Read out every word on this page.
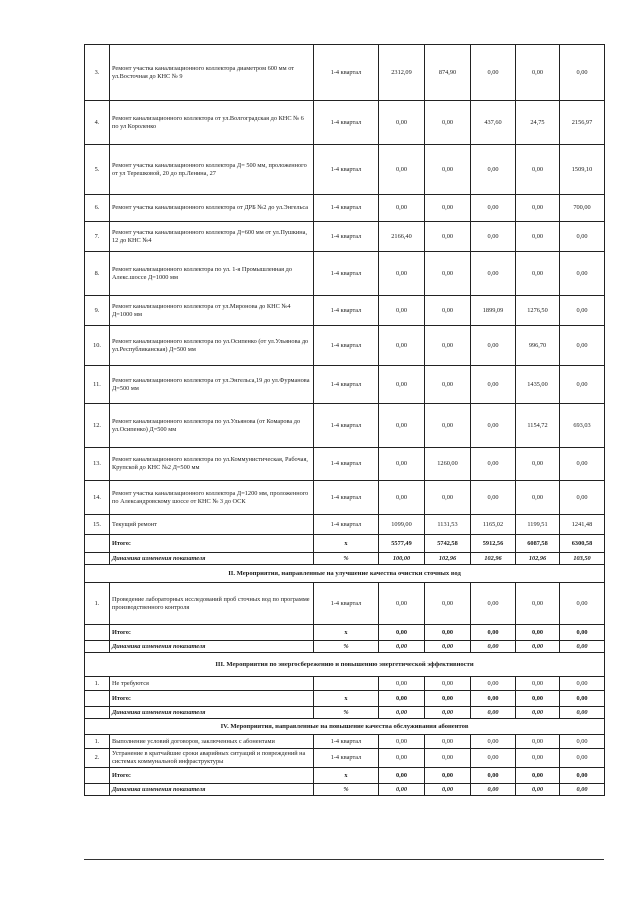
3.	Ремонт участка канализационного коллектора диаметром 600 мм от ул.Восточная до КНС № 9	1-4 квартал	2312,09	874,90	0,00	0,00	0,00
4.	Ремонт канализационного коллектора от ул.Волгоградская до КНС № 6 по ул Короленко	1-4 квартал	0,00	0,00	437,60	24,75	2156,97
5.	Ремонт участка канализационного коллектора Д= 500 мм, проложенного от ул Терешковой, 20 до пр.Ленина, 27	1-4 квартал	0,00	0,00	0,00	0,00	1509,10
6.	Ремонт участка канализационного коллектора от ДРБ №2 до ул.Энгельса	1-4 квартал	0,00	0,00	0,00	0,00	700,00
7.	Ремонт участка канализационного коллектора Д=600 мм от ул.Пушкина, 12 до КНС №4	1-4 квартал	2166,40	0,00	0,00	0,00	0,00
8.	Ремонт канализационного коллектора по ул. 1-я Промышленная до Алекс.шоссе Д=1000 мм	1-4 квартал	0,00	0,00	0,00	0,00	0,00
9.	Ремонт канализационного коллектора от ул.Миронова до КНС №4 Д=1000 мм	1-4 квартал	0,00	0,00	1899,09	1276,50	0,00
10.	Ремонт канализационного коллектора по ул.Осипенко (от ул.Ульянова до ул.Республиканская) Д=500 мм	1-4 квартал	0,00	0,00	0,00	996,70	0,00
11.	Ремонт канализационного коллектора от ул.Энгельса,19 до ул.Фурманова Д=500 мм	1-4 квартал	0,00	0,00	0,00	1435,00	0,00
12.	Ремонт канализационного коллектора по ул.Ульянова (от Комарова до ул.Осипенко) Д=500 мм	1-4 квартал	0,00	0,00	0,00	1154,72	693,03
13.	Ремонт канализационного коллектора по ул.Коммунистическая, Рабочая, Крупской до КНС №2 Д=500 мм	1-4 квартал	0,00	1260,00	0,00	0,00	0,00
14.	Ремонт участка канализационного коллектора Д=1200 мм, проложенного по Александровскому шоссе от КНС № 3 до ОСК	1-4 квартал	0,00	0,00	0,00	0,00	0,00
15.	Текущий ремонт	1-4 квартал	1099,00	1131,53	1165,02	1199,51	1241,48
	Итого:	x	5577,49	5742,58	5912,56	6087,58	6300,58
	Динамика изменения показателя	%	100,00	102,96	102,96	102,96	103,50
II. Мероприятия, направленные на улучшение качества очистки сточных вод							
1.	Проведение лабораторных исследований проб сточных вод по программе производственного контроля	1-4 квартал	0,00	0,00	0,00	0,00	0,00
	Итого:	x	0,00	0,00	0,00	0,00	0,00
	Динамика изменения показателя	%	0,00	0,00	0,00	0,00	0,00
III. Мероприятия по энергосбережению и повышению энергетической эффективности							
1.	Не требуются		0,00	0,00	0,00	0,00	0,00
	Итого:	x	0,00	0,00	0,00	0,00	0,00
	Динамика изменения показателя	%	0,00	0,00	0,00	0,00	0,00
IV. Мероприятия, направленные на повышение качества обслуживания абонентов							
1.	Выполнение условий договоров, заключенных с абонентами	1-4 квартал	0,00	0,00	0,00	0,00	0,00
2.	Устранение в кратчайшие сроки аварийных ситуаций и повреждений на системах коммунальной инфраструктуры	1-4 квартал	0,00	0,00	0,00	0,00	0,00
	Итого:	x	0,00	0,00	0,00	0,00	0,00
	Динамика изменения показателя	%	0,00	0,00	0,00	0,00	0,00
